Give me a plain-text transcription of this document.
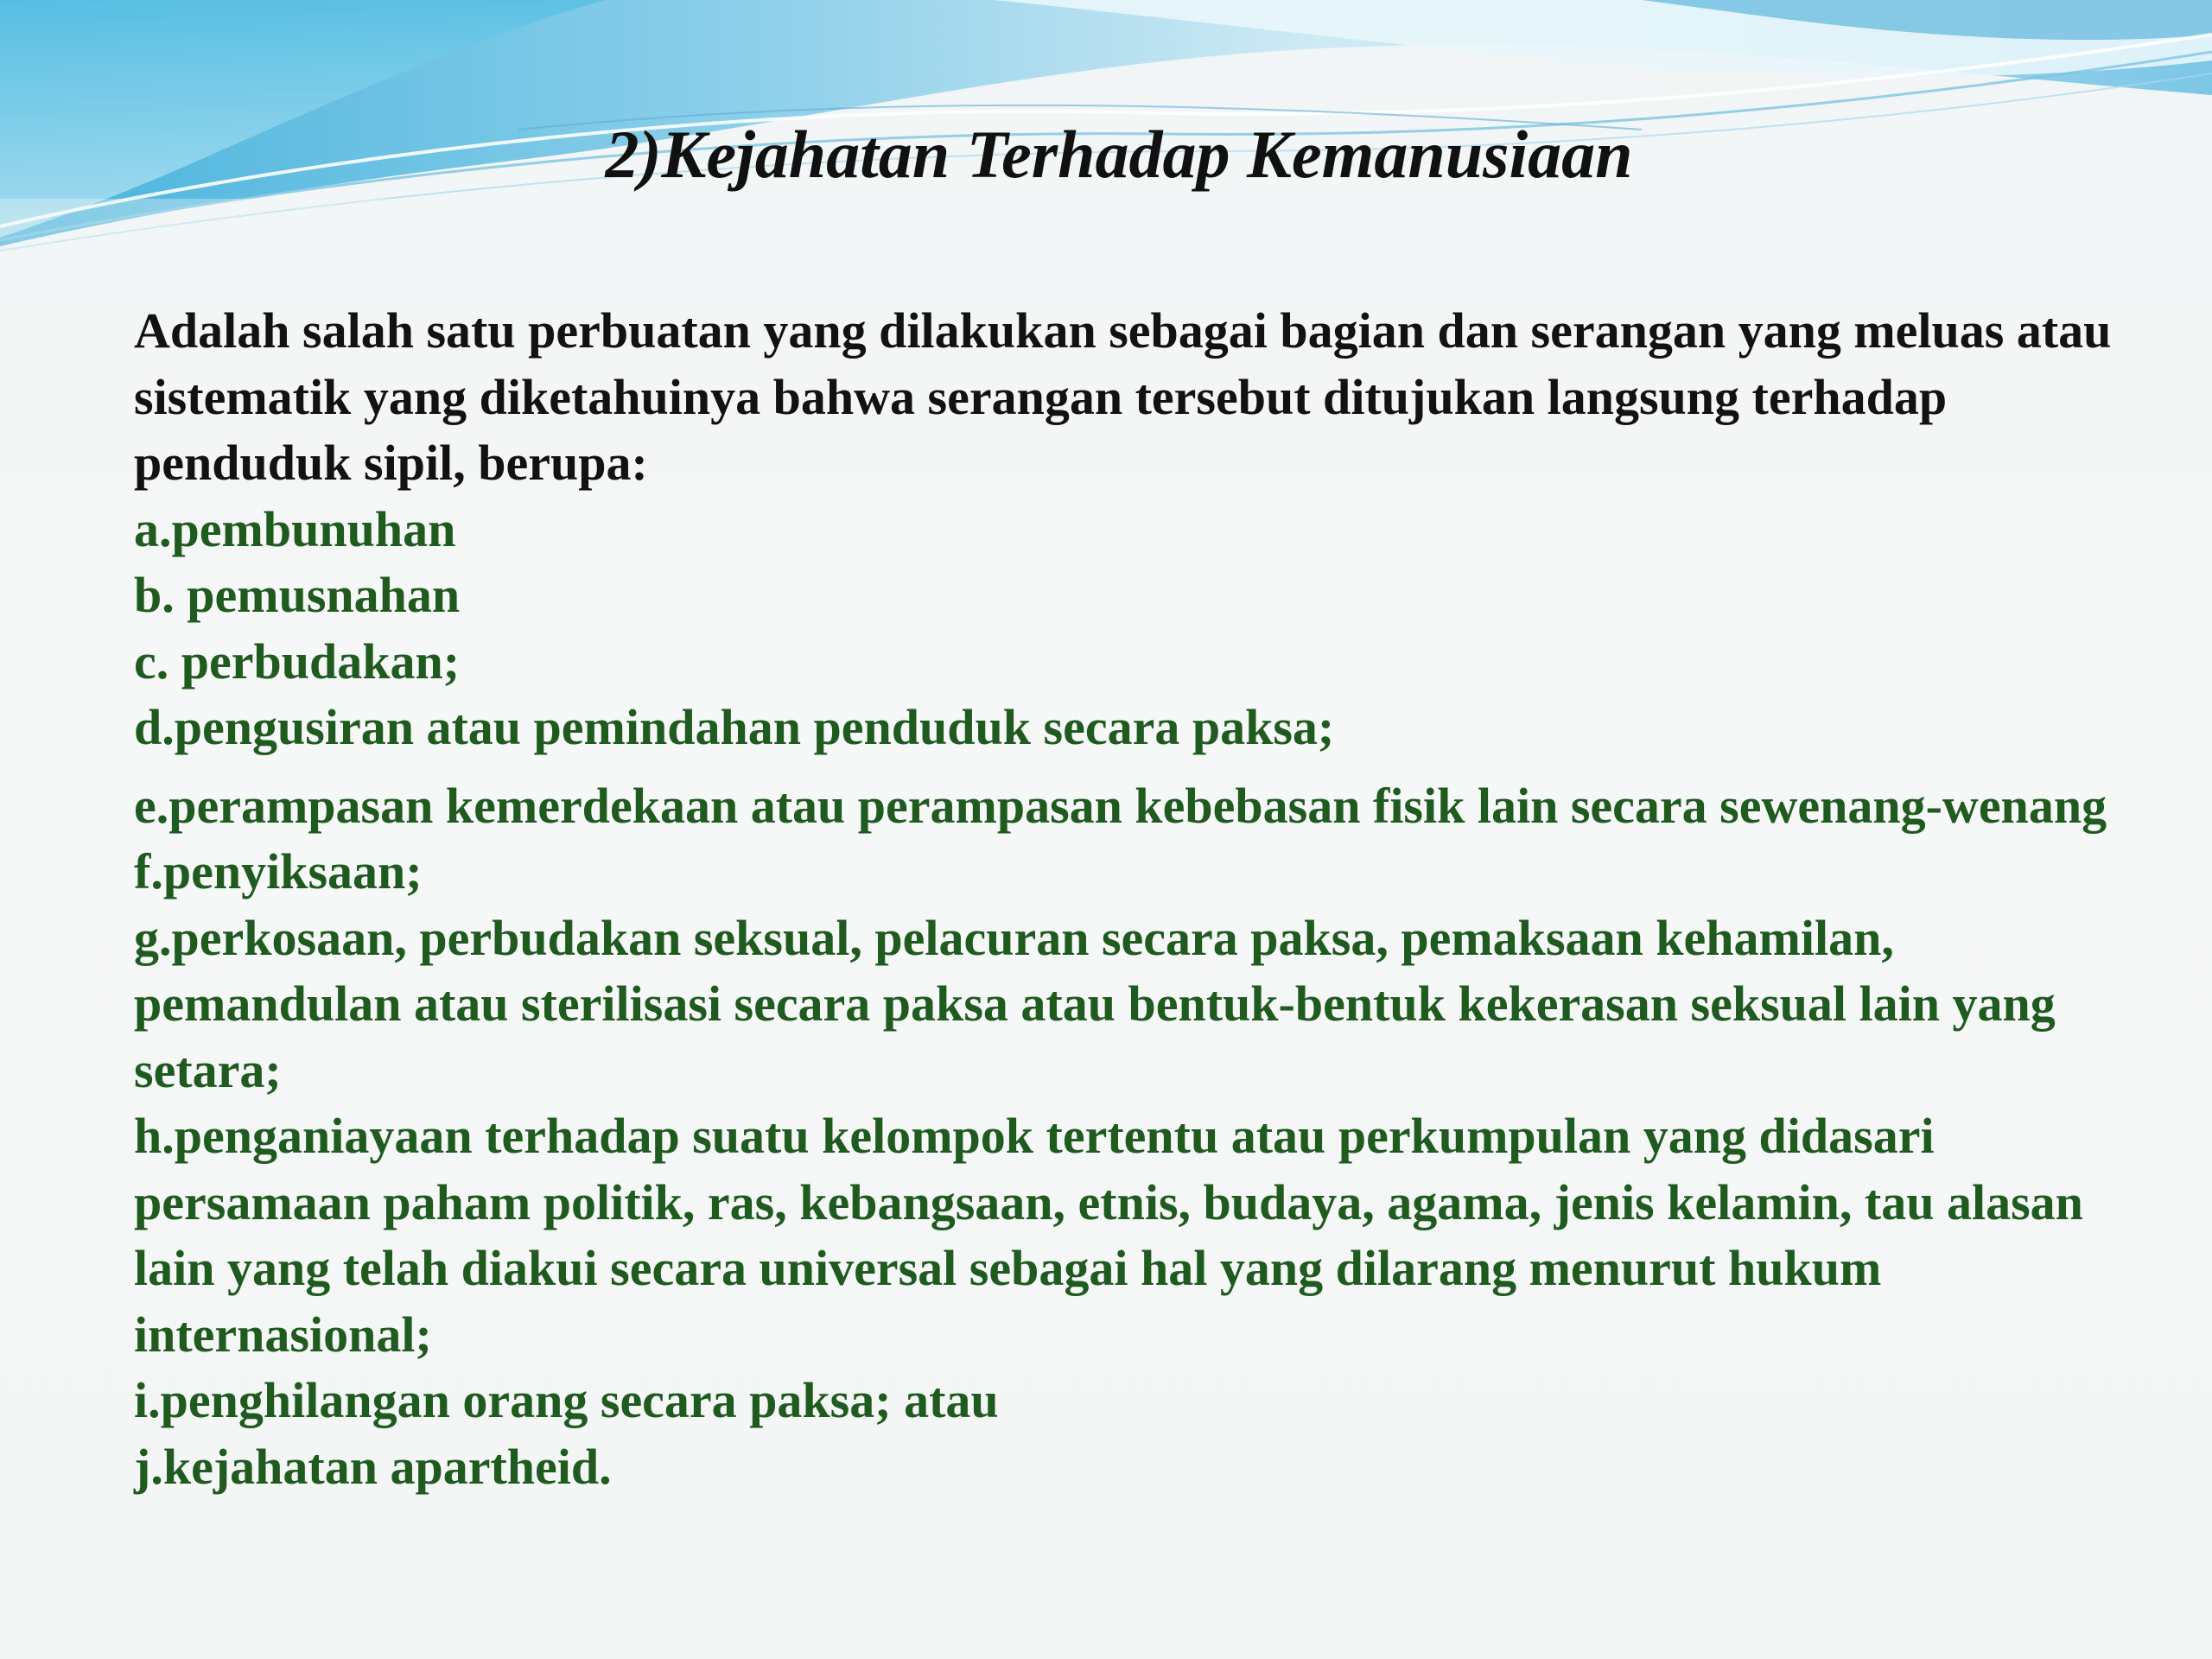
2)Kejahatan Terhadap Kemanusiaan

Adalah salah satu perbuatan yang dilakukan sebagai bagian dan serangan yang meluas atau sistematik yang diketahuinya bahwa serangan tersebut ditujukan langsung terhadap penduduk sipil, berupa:

a.pembunuhan
b. pemusnahan
c. perbudakan;
d.pengusiran atau pemindahan penduduk secara paksa;
e.perampasan kemerdekaan atau perampasan kebebasan fisik lain secara sewenang-wenang
f.penyiksaan;
g.perkosaan, perbudakan seksual, pelacuran secara paksa, pemaksaan kehamilan, pemandulan atau sterilisasi secara paksa atau bentuk-bentuk kekerasan seksual lain yang setara;
h.penganiayaan terhadap suatu kelompok tertentu atau perkumpulan yang didasari persamaan paham politik, ras, kebangsaan, etnis, budaya, agama, jenis kelamin, tau alasan lain yang telah diakui secara universal sebagai hal yang dilarang menurut hukum internasional;
i.penghilangan orang secara paksa; atau
j.kejahatan apartheid.
